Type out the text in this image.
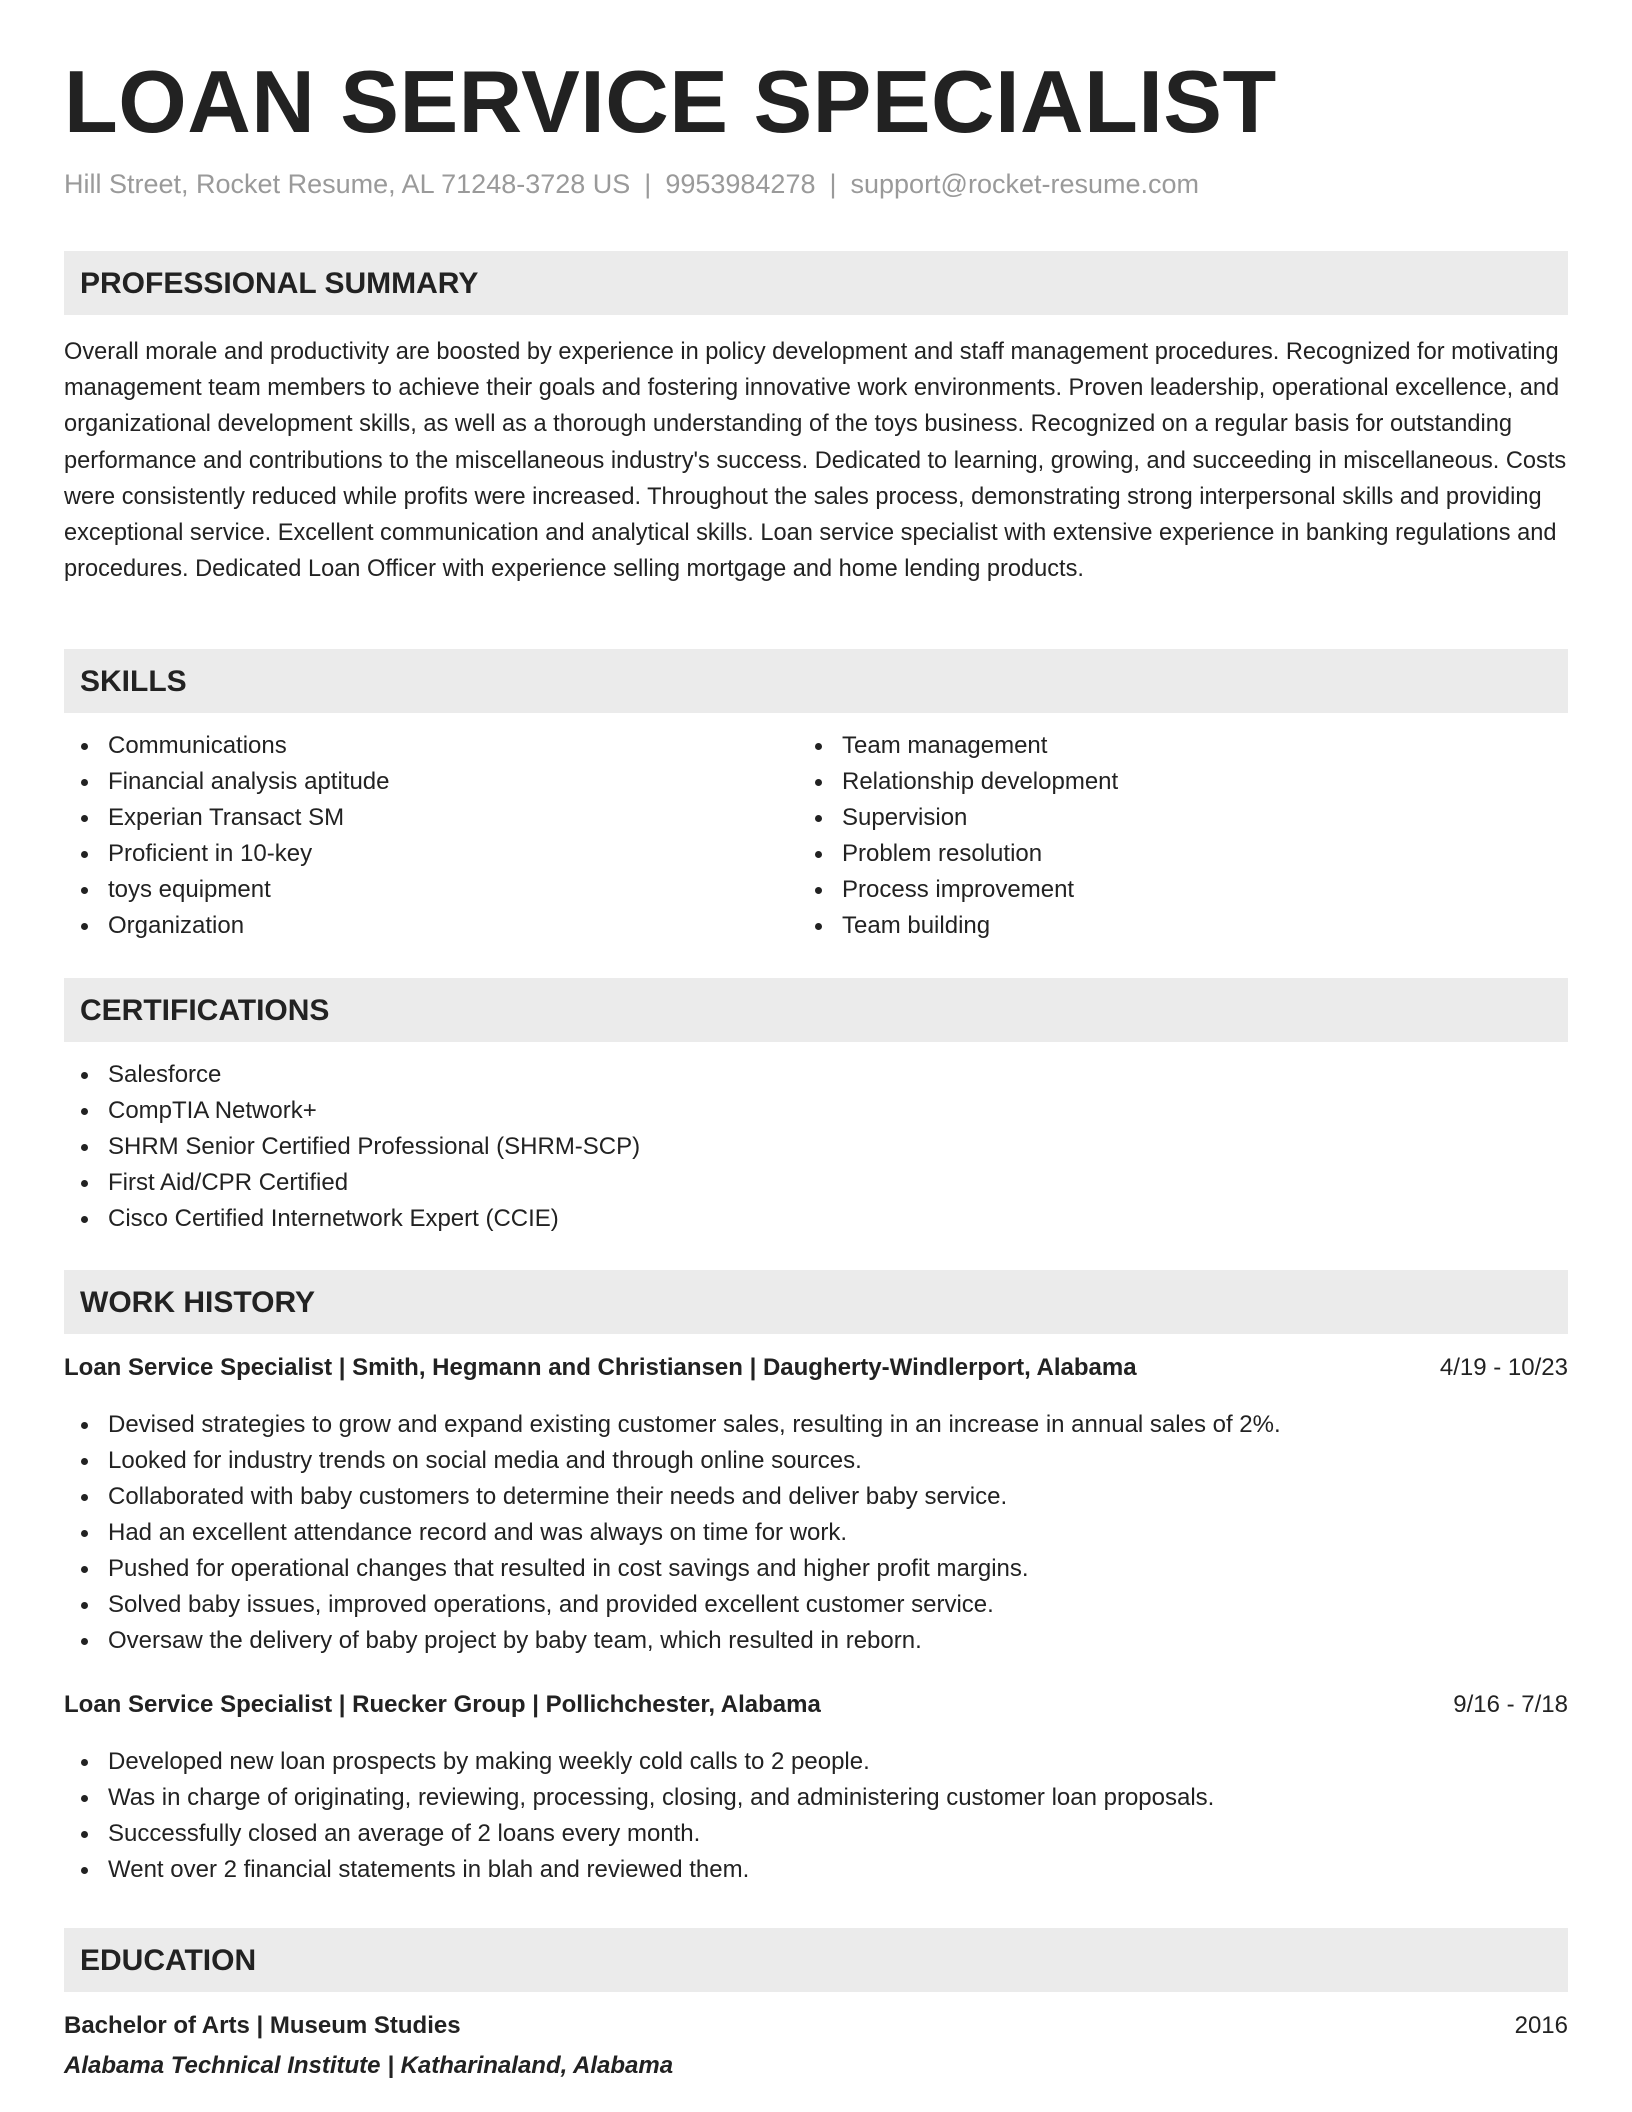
LOAN SERVICE SPECIALIST
Hill Street, Rocket Resume, AL 71248-3728 US | 9953984278 | support@rocket-resume.com
PROFESSIONAL SUMMARY

Overall morale and productivity are boosted by experience in policy development and staff management procedures. Recognized for motivating management team members to achieve their goals and fostering innovative work environments. Proven leadership, operational excellence, and organizational development skills, as well as a thorough understanding of the toys business. Recognized on a regular basis for outstanding performance and contributions to the miscellaneous industry's success. Dedicated to learning, growing, and succeeding in miscellaneous. Costs were consistently reduced while profits were increased. Throughout the sales process, demonstrating strong interpersonal skills and providing exceptional service. Excellent communication and analytical skills. Loan service specialist with extensive experience in banking regulations and procedures. Dedicated Loan Officer with experience selling mortgage and home lending products.

SKILLS
Communications
Financial analysis aptitude
Experian Transact SM
Proficient in 10-key
toys equipment
Organization
Team management
Relationship development
Supervision
Problem resolution
Process improvement
Team building
CERTIFICATIONS
Salesforce
CompTIA Network+
SHRM Senior Certified Professional (SHRM-SCP)
First Aid/CPR Certified
Cisco Certified Internetwork Expert (CCIE)
WORK HISTORY
Loan Service Specialist | Smith, Hegmann and Christiansen | Daugherty-Windlerport, Alabama	4/19 - 10/23
Devised strategies to grow and expand existing customer sales, resulting in an increase in annual sales of 2%.
Looked for industry trends on social media and through online sources.
Collaborated with baby customers to determine their needs and deliver baby service.
Had an excellent attendance record and was always on time for work.
Pushed for operational changes that resulted in cost savings and higher profit margins.
Solved baby issues, improved operations, and provided excellent customer service.
Oversaw the delivery of baby project by baby team, which resulted in reborn.
Loan Service Specialist | Ruecker Group | Pollichchester, Alabama	9/16 - 7/18
Developed new loan prospects by making weekly cold calls to 2 people.
Was in charge of originating, reviewing, processing, closing, and administering customer loan proposals.
Successfully closed an average of 2 loans every month.
Went over 2 financial statements in blah and reviewed them.
EDUCATION
Bachelor of Arts | Museum Studies	2016
Alabama Technical Institute | Katharinaland, Alabama
